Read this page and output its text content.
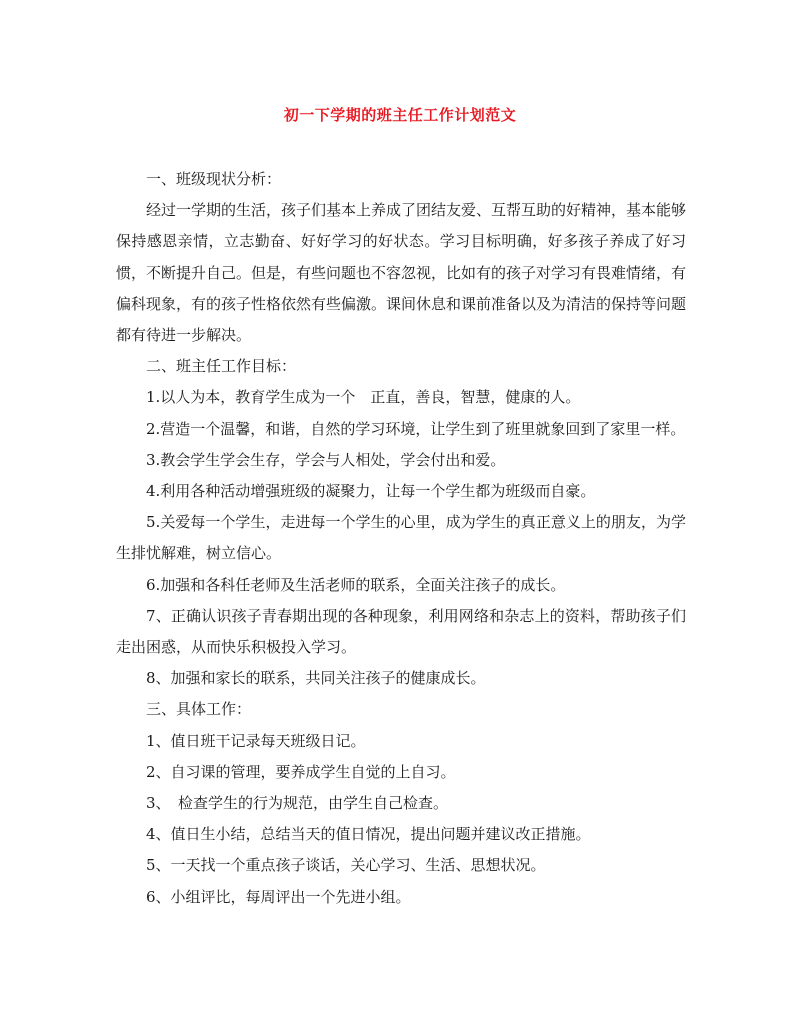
初一下学期的班主任工作计划范文

一、班级现状分析：

经过一学期的生活，孩子们基本上养成了团结友爱、互帮互助的好精神，基本能够保持感恩亲情，立志勤奋、好好学习的好状态。学习目标明确，好多孩子养成了好习惯，不断提升自己。但是，有些问题也不容忽视，比如有的孩子对学习有畏难情绪，有偏科现象，有的孩子性格依然有些偏激。课间休息和课前准备以及为清洁的保持等问题都有待进一步解决。

二、班主任工作目标：

1.以人为本，教育学生成为一个　正直，善良，智慧，健康的人。

2.营造一个温馨，和谐，自然的学习环境，让学生到了班里就象回到了家里一样。

3.教会学生学会生存，学会与人相处，学会付出和爱。

4.利用各种活动增强班级的凝聚力，让每一个学生都为班级而自豪。

5.关爱每一个学生，走进每一个学生的心里，成为学生的真正意义上的朋友，为学生排忧解难，树立信心。

6.加强和各科任老师及生活老师的联系，全面关注孩子的成长。

7、正确认识孩子青春期出现的各种现象，利用网络和杂志上的资料，帮助孩子们走出困惑，从而快乐积极投入学习。

8、加强和家长的联系，共同关注孩子的健康成长。

三、具体工作：

1、值日班干记录每天班级日记。

2、自习课的管理，要养成学生自觉的上自习。

3、　检查学生的行为规范，由学生自己检查。

4、值日生小结，总结当天的值日情况，提出问题并建议改正措施。

5、一天找一个重点孩子谈话，关心学习、生活、思想状况。

6、小组评比，每周评出一个先进小组。
